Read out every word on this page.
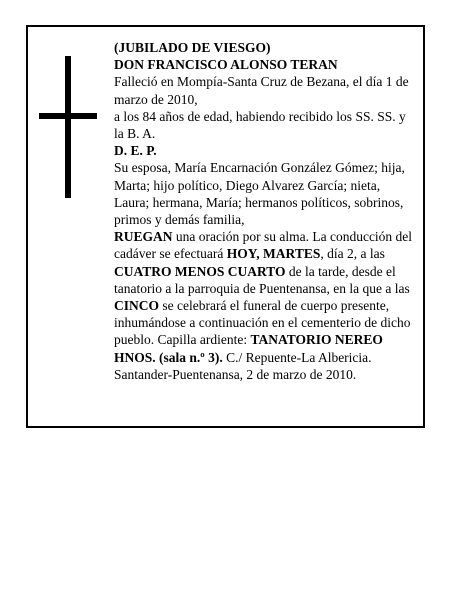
(JUBILADO DE VIESGO)

DON FRANCISCO ALONSO TERAN

Falleció en Mompía-Santa Cruz de Bezana, el día 1 de marzo de 2010,

a los 84 años de edad, habiendo recibido los SS. SS. y la B. A.

D. E. P.

Su esposa, María Encarnación González Gómez; hija, Marta; hijo político, Diego Alvarez García; nieta, Laura; hermana, María; hermanos políticos, sobrinos, primos y demás familia,

RUEGAN una oración por su alma. La conducción del cadáver se efectuará HOY, MARTES, día 2, a las CUATRO MENOS CUARTO de la tarde, desde el tanatorio a la parroquia de Puentenansa, en la que a las CINCO se celebrará el funeral de cuerpo presente, inhumándose a continuación en el cementerio de dicho pueblo. Capilla ardiente: TANATORIO NEREO HNOS. (sala n.º 3). C./ Repuente-La Albericia.

Santander-Puentenansa, 2 de marzo de 2010.
